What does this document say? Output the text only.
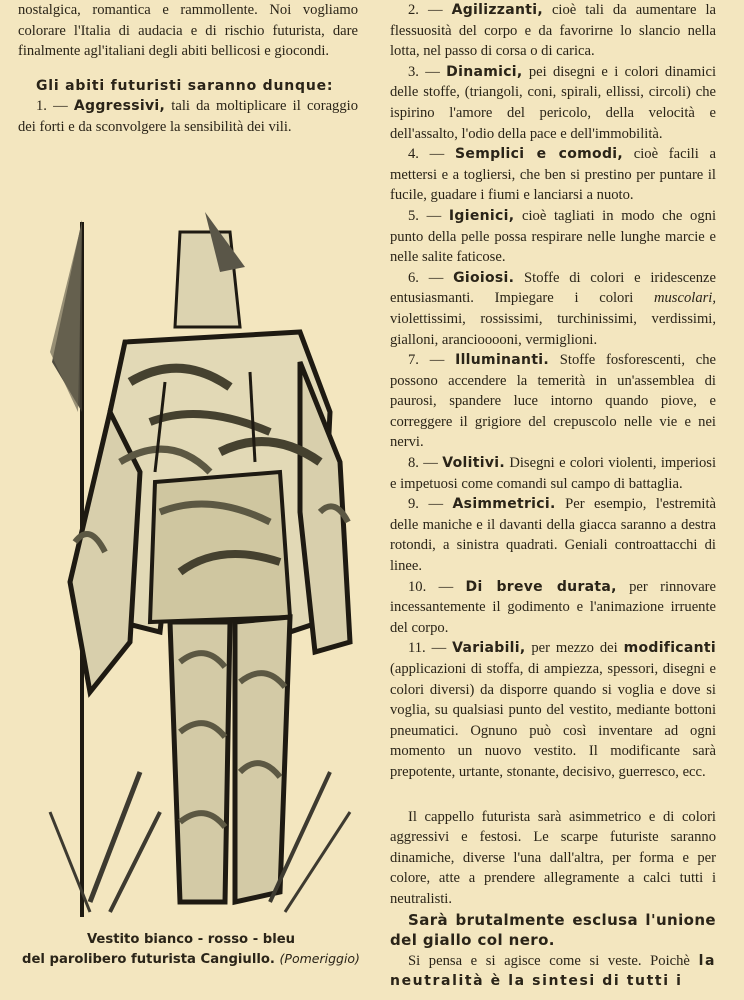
nostalgica, romantica e rammollente. Noi vogliamo colorare l'Italia di audacia e di rischio futurista, dare finalmente agl'italiani degli abiti bellicosi e giocondi.

Gli abiti futuristi saranno dunque:

1. — Aggressivi, tali da moltiplicare il coraggio dei forti e da sconvolgere la sensibilità dei vili.

Vestito bianco - rosso - bleu
del parolibero futurista Cangiullo. (Pomeriggio)

2. — Agilizzanti, cioè tali da aumentare la flessuosità del corpo e da favorirne lo slancio nella lotta, nel passo di corsa o di carica.

3. — Dinamici, pei disegni e i colori dinamici delle stoffe, (triangoli, coni, spirali, ellissi, circoli) che ispirino l'amore del pericolo, della velocità e dell'assalto, l'odio della pace e dell'immobilità.

4. — Semplici e comodi, cioè facili a mettersi e a togliersi, che ben si prestino per puntare il fucile, guadare i fiumi e lanciarsi a nuoto.

5. — Igienici, cioè tagliati in modo che ogni punto della pelle possa respirare nelle lunghe marcie e nelle salite faticose.

6. — Gioiosi. Stoffe di colori e iridescenze entusiasmanti. Impiegare i colori muscolari, violettissimi, rossissimi, turchinissimi, verdissimi, gialloni, aranciooooni, vermiglioni.

7. — Illuminanti. Stoffe fosforescenti, che possono accendere la temerità in un'assemblea di paurosi, spandere luce intorno quando piove, e correggere il grigiore del crepuscolo nelle vie e nei nervi.

8. — Volitivi. Disegni e colori violenti, imperiosi e impetuosi come comandi sul campo di battaglia.

9. — Asimmetrici. Per esempio, l'estremità delle maniche e il davanti della giacca saranno a destra rotondi, a sinistra quadrati. Geniali controattacchi di linee.

10. — Di breve durata, per rinnovare incessantemente il godimento e l'animazione irruente del corpo.

11. — Variabili, per mezzo dei modificanti (applicazioni di stoffa, di ampiezza, spessori, disegni e colori diversi) da disporre quando si voglia e dove si voglia, su qualsiasi punto del vestito, mediante bottoni pneumatici. Ognuno può così inventare ad ogni momento un nuovo vestito. Il modificante sarà prepotente, urtante, stonante, decisivo, guerresco, ecc.

Il cappello futurista sarà asimmetrico e di colori aggressivi e festosi. Le scarpe futuriste saranno dinamiche, diverse l'una dall'altra, per forma e per colore, atte a prendere allegramente a calci tutti i neutralisti.

Sarà brutalmente esclusa l'unione del giallo col nero.

Si pensa e si agisce come si veste. Poichè la neutralità è la sintesi di tutti i
